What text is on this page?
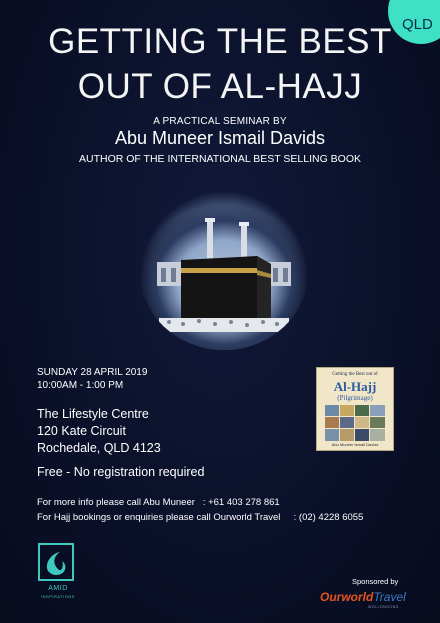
QLD
GETTING THE BEST
OUT OF AL-HAJJ
A PRACTICAL SEMINAR BY
Abu Muneer Ismail Davids
AUTHOR OF THE INTERNATIONAL BEST SELLING BOOK
SUNDAY 28 APRIL 2019
10:00AM - 1:00 PM
The Lifestyle Centre
120 Kate Circuit
Rochedale, QLD 4123
Free - No registration required
For more info please call Abu Muneer : +61 403 278 861
For Hajj bookings or enquiries please call Ourworld Travel : (02) 4228 6055
Getting the Best out of
Al-Hajj
(Pilgrimage)
Abu Muneer Ismail Davids
AMID
INSPIRATIONS
Sponsored by
OurworldTravel
WOLLONGONG
